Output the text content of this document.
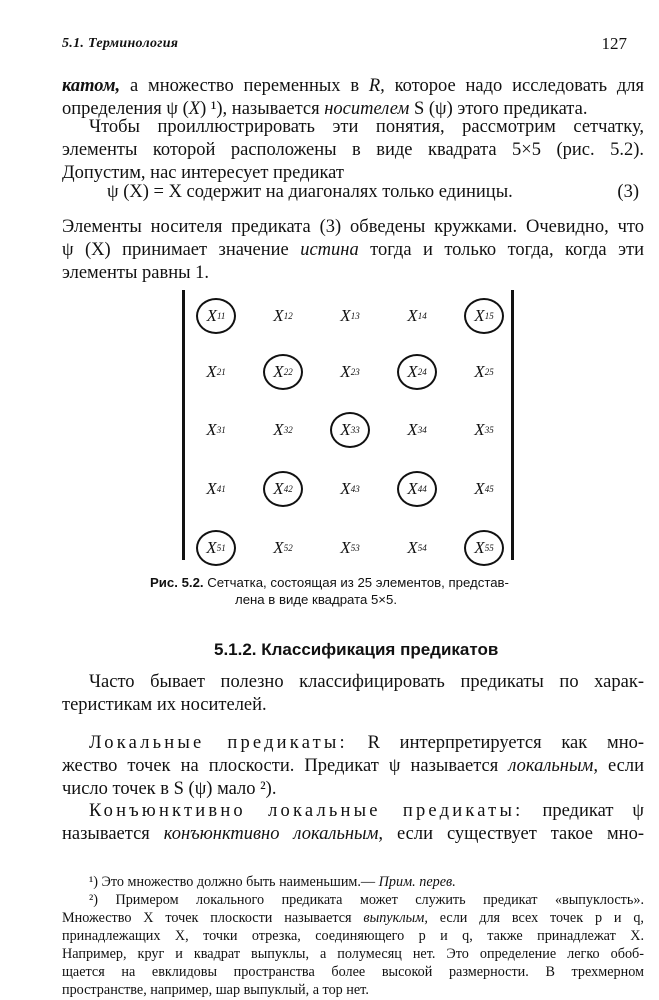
5.1. Терминология	127
катом, а множество переменных в R, которое надо исследовать для
определения ψ (X) ¹), называется носителем S (ψ) этого предиката.
Чтобы проиллюстрировать эти понятия, рассмотрим сетчатку,
элементы которой расположены в виде квадрата 5×5 (рис. 5.2).
Допустим, нас интересует предикат
ψ (X) = X содержит на диагоналях только единицы.	(3)
Элементы носителя предиката (3) обведены кружками. Очевидно, что
ψ (X) принимает значение истина тогда и только тогда, когда эти
элементы равны 1.
X 11	X 12	X 13	X 14	X 15
X 21	X 22	X 23	X 24	X 25
X 31	X 32	X 33	X 34	X 35
X 41	X 42	X 43	X 44	X 45
X 51	X 52	X 53	X 54	X 55
Рис. 5.2. Сетчатка, состоящая из 25 элементов, представ-
лена в виде квадрата 5×5.
5.1.2. Классификация предикатов
Часто бывает полезно классифицировать предикаты по харак-
теристикам их носителей.
Локальные предикаты: R интерпретируется как мно-
жество точек на плоскости. Предикат ψ называется локальным, если
число точек в S (ψ) мало ²).
Конъюнктивно локальные предикаты: предикат ψ
называется конъюнктивно локальным, если существует такое мно-
¹) Это множество должно быть наименьшим.— Прим. перев.
²) Примером локального предиката может служить предикат «выпуклость».
Множество X точек плоскости называется выпуклым, если для всех точек p и q,
принадлежащих X, точки отрезка, соединяющего p и q, также принадлежат X.
Например, круг и квадрат выпуклы, а полумесяц нет. Это определение легко обоб-
щается на евклидовы пространства более высокой размерности. В трехмерном
пространстве, например, шар выпуклый, а тор нет.
